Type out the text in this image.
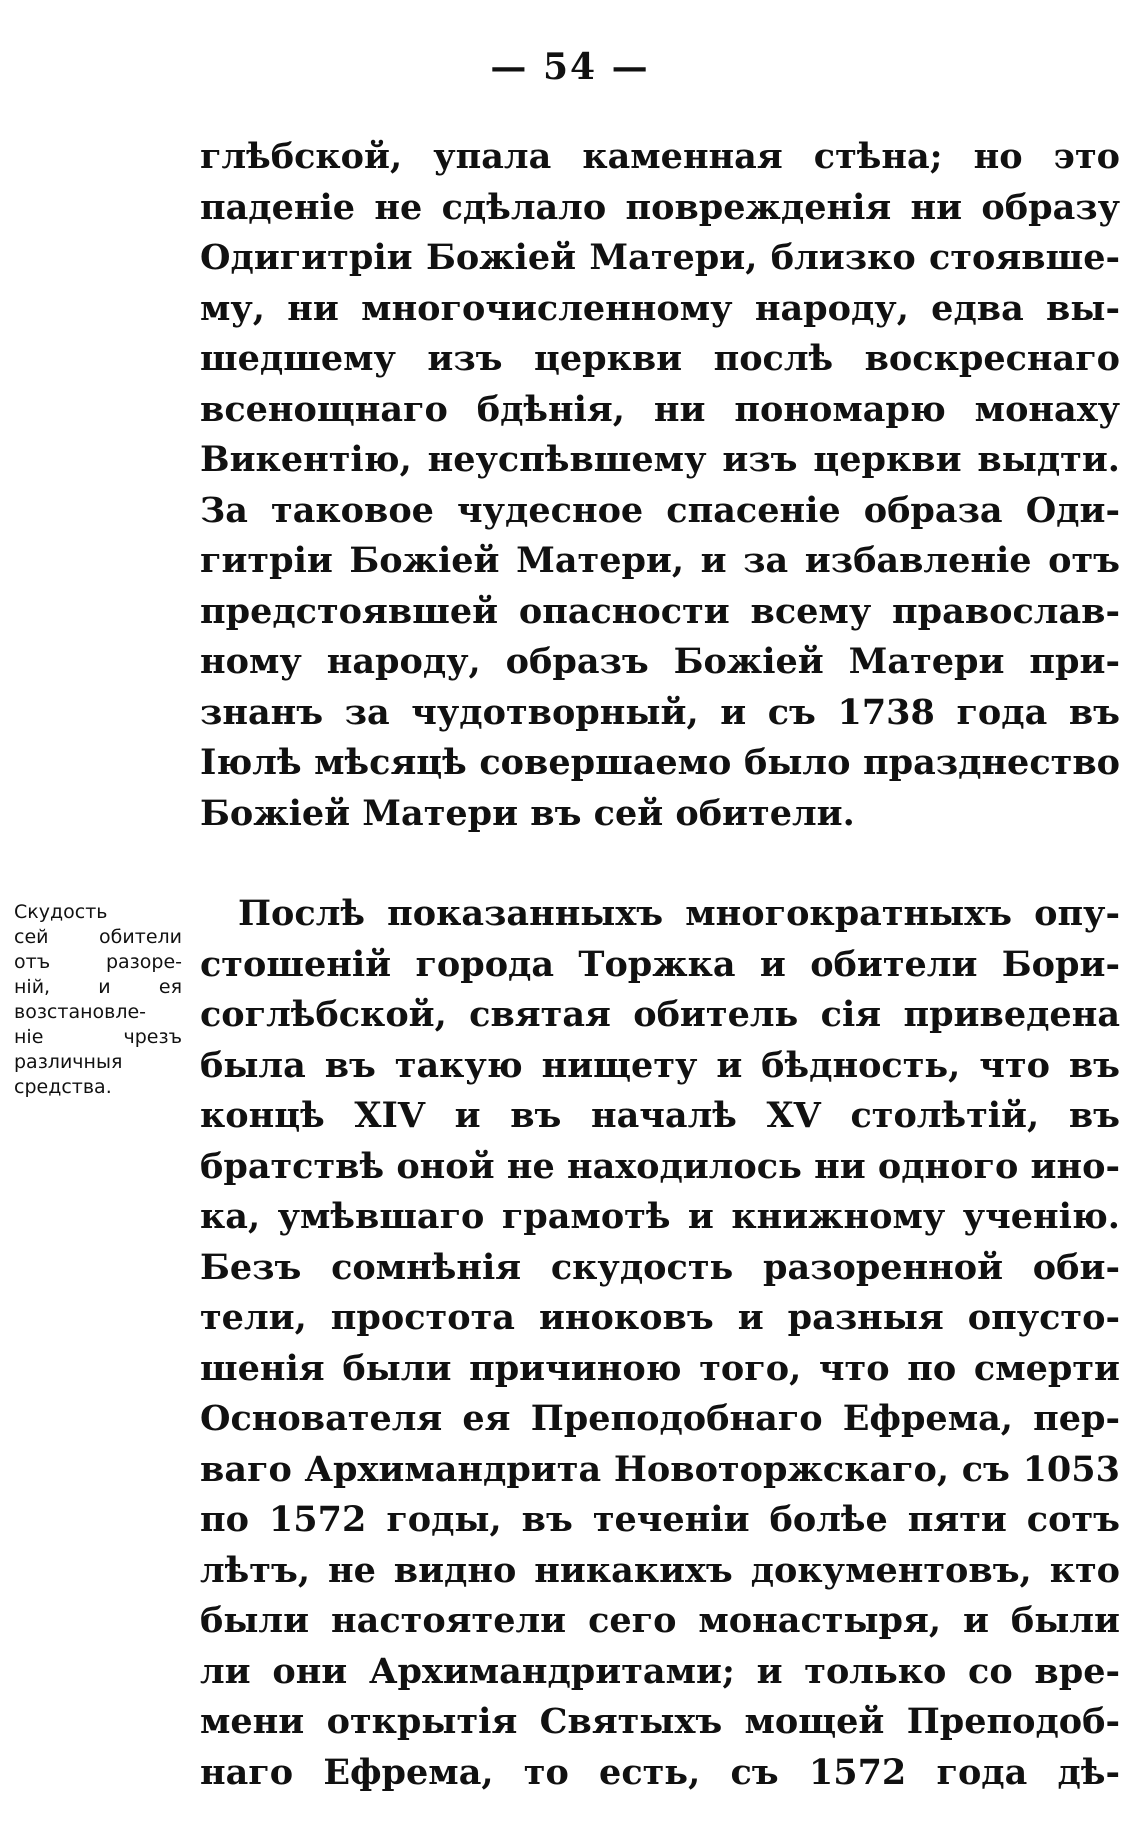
— 54 —
глѣбской, упала каменная стѣна; но это
паденіе не сдѣлало поврежденія ни образу
Одигитріи Божіей Матери, близко стоявше-
му, ни многочисленному народу, едва вы-
шедшему изъ церкви послѣ воскреснаго
всенощнаго бдѣнія, ни пономарю монаху
Викентію, неуспѣвшему изъ церкви выдти.
За таковое чудесное спасеніе образа Оди-
гитріи Божіей Матери, и за избавленіе отъ
предстоявшей опасности всему православ-
ному народу, образъ Божіей Матери при-
знанъ за чудотворный, и съ 1738 года въ
Іюлѣ мѣсяцѣ совершаемо было празднество
Божіей Матери въ сей обители.
Скудость
сей обители
отъ разоре-
ній, и ея
возстановле-
ніе чрезъ
различныя
средства.
Послѣ показанныхъ многократныхъ опу-
стошеній города Торжка и обители Бори-
соглѣбской, святая обитель сія приведена
была въ такую нищету и бѣдность, что въ
концѣ XIV и въ началѣ XV столѣтій, въ
братствѣ оной не находилось ни одного ино-
ка, умѣвшаго грамотѣ и книжному ученію.
Безъ сомнѣнія скудость разоренной оби-
тели, простота иноковъ и разныя опусто-
шенія были причиною того, что по смерти
Основателя ея Преподобнаго Ефрема, пер-
ваго Архимандрита Новоторжскаго, съ 1053
по 1572 годы, въ теченіи болѣе пяти сотъ
лѣтъ, не видно никакихъ документовъ, кто
были настоятели сего монастыря, и были
ли они Архимандритами; и только со вре-
мени открытія Святыхъ мощей Преподоб-
наго Ефрема, то есть, съ 1572 года дѣ-
